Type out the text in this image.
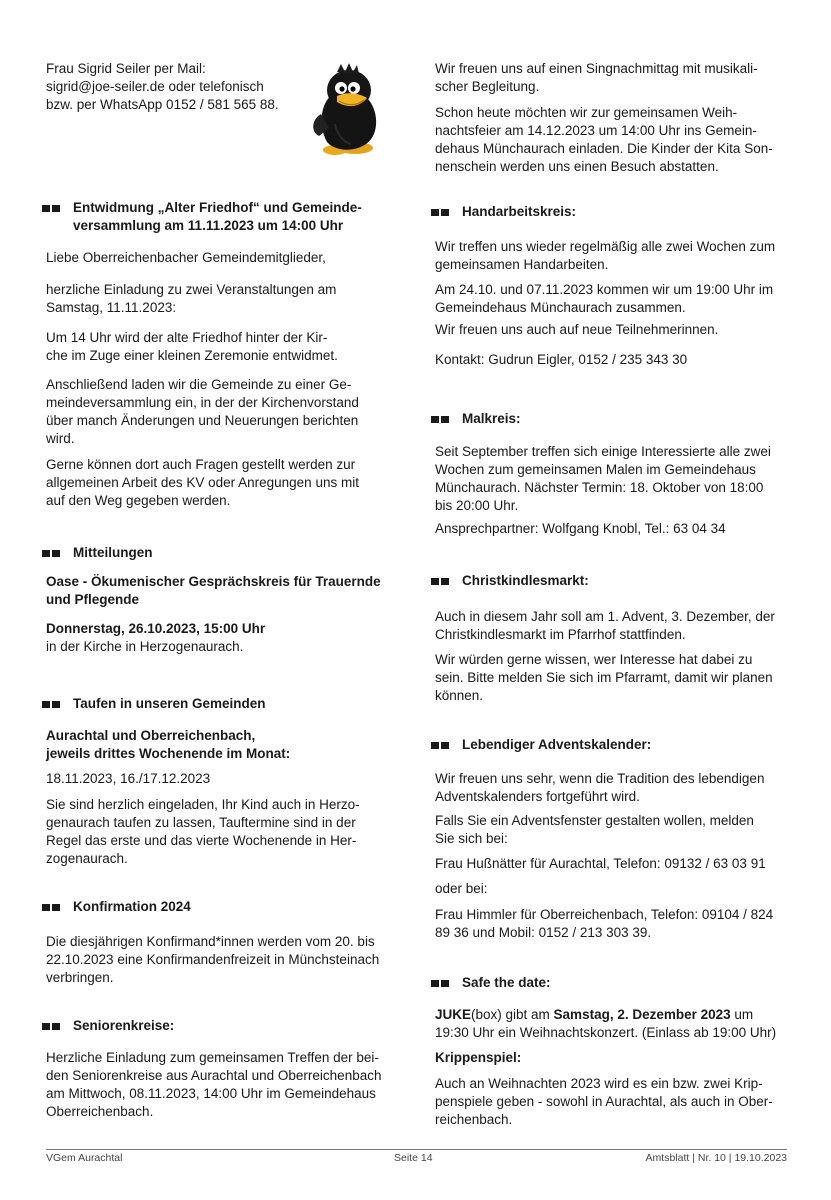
Frau Sigrid Seiler per Mail:
sigrid@joe-seiler.de oder telefonisch
bzw. per WhatsApp 0152 / 581 565 88.

Entwidmung „Alter Friedhof“ und Gemeinde-
versammlung am 11.11.2023 um 14:00 Uhr

Liebe Oberreichenbacher Gemeindemitglieder,

herzliche Einladung zu zwei Veranstaltungen am
Samstag, 11.11.2023:

Um 14 Uhr wird der alte Friedhof hinter der Kir-
che im Zuge einer kleinen Zeremonie entwidmet.

Anschließend laden wir die Gemeinde zu einer Ge-
meindeversammlung ein, in der der Kirchenvorstand
über manch Änderungen und Neuerungen berichten
wird.

Gerne können dort auch Fragen gestellt werden zur
allgemeinen Arbeit des KV oder Anregungen uns mit
auf den Weg gegeben werden.

Mitteilungen

Oase - Ökumenischer Gesprächskreis für Trauernde
und Pflegende

Donnerstag, 26.10.2023, 15:00 Uhr
in der Kirche in Herzogenaurach.

Taufen in unseren Gemeinden

Aurachtal und Oberreichenbach,
jeweils drittes Wochenende im Monat:

18.11.2023, 16./17.12.2023

Sie sind herzlich eingeladen, Ihr Kind auch in Herzo-
genaurach taufen zu lassen, Tauftermine sind in der
Regel das erste und das vierte Wochenende in Her-
zogenaurach.

Konfirmation 2024

Die diesjährigen Konfirmand*innen werden vom 20. bis
22.10.2023 eine Konfirmandenfreizeit in Münchsteinach
verbringen.

Seniorenkreise:

Herzliche Einladung zum gemeinsamen Treffen der bei-
den Seniorenkreise aus Aurachtal und Oberreichenbach
am Mittwoch, 08.11.2023, 14:00 Uhr im Gemeindehaus
Oberreichenbach.

Wir freuen uns auf einen Singnachmittag mit musikali-
scher Begleitung.

Schon heute möchten wir zur gemeinsamen Weih-
nachtsfeier am 14.12.2023 um 14:00 Uhr ins Gemein-
dehaus Münchaurach einladen. Die Kinder der Kita Son-
nenschein werden uns einen Besuch abstatten.

Handarbeitskreis:

Wir treffen uns wieder regelmäßig alle zwei Wochen zum
gemeinsamen Handarbeiten.

Am 24.10. und 07.11.2023 kommen wir um 19:00 Uhr im
Gemeindehaus Münchaurach zusammen.

Wir freuen uns auch auf neue Teilnehmerinnen.

Kontakt: Gudrun Eigler, 0152 / 235 343 30

Malkreis:

Seit September treffen sich einige Interessierte alle zwei
Wochen zum gemeinsamen Malen im Gemeindehaus
Münchaurach. Nächster Termin: 18. Oktober von 18:00
bis 20:00 Uhr.

Ansprechpartner: Wolfgang Knobl, Tel.: 63 04 34

Christkindlesmarkt:

Auch in diesem Jahr soll am 1. Advent, 3. Dezember, der
Christkindlesmarkt im Pfarrhof stattfinden.

Wir würden gerne wissen, wer Interesse hat dabei zu
sein. Bitte melden Sie sich im Pfarramt, damit wir planen
können.

Lebendiger Adventskalender:

Wir freuen uns sehr, wenn die Tradition des lebendigen
Adventskalenders fortgeführt wird.

Falls Sie ein Adventsfenster gestalten wollen, melden
Sie sich bei:

Frau Hußnätter für Aurachtal, Telefon: 09132 / 63 03 91

oder bei:

Frau Himmler für Oberreichenbach, Telefon: 09104 / 824
89 36 und Mobil: 0152 / 213 303 39.

Safe the date:

JUKE(box) gibt am Samstag, 2. Dezember 2023 um
19:30 Uhr ein Weihnachtskonzert. (Einlass ab 19:00 Uhr)

Krippenspiel:

Auch an Weihnachten 2023 wird es ein bzw. zwei Krip-
penspiele geben - sowohl in Aurachtal, als auch in Ober-
reichenbach.

VGem Aurachtal	Seite 14	Amtsblatt | Nr. 10 | 19.10.2023
